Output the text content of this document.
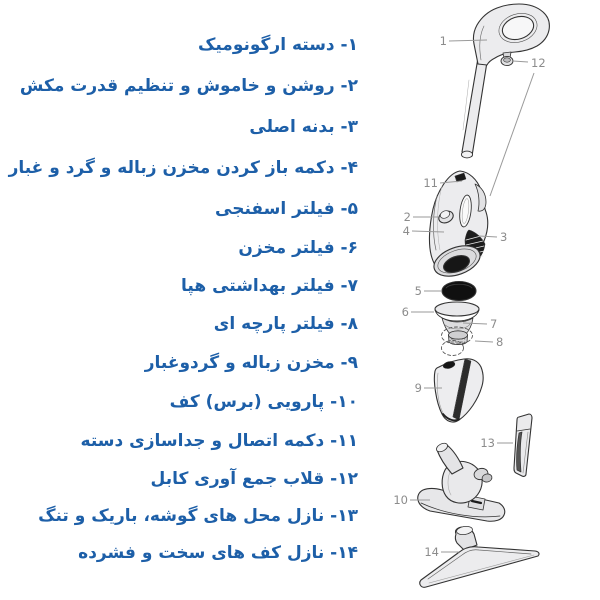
۱- دسته ارگونومیک
۲- روشن و خاموش و تنظیم قدرت مکش
۳- بدنه اصلی
۴- دکمه باز کردن مخزن زباله و گرد و غبار
۵- فیلتر اسفنجی
۶- فیلتر مخزن
۷- فیلتر بهداشتی هپا
۸- فیلتر پارچه ای
۹- مخزن زباله و گردوغبار
۱۰- پارویی (برس) کف
۱۱- دکمه اتصال و جداسازی دسته
۱۲- قلاب جمع آوری کابل
۱۳- نازل محل های گوشه، باریک و تنگ
۱۴- نازل کف های سخت و فشرده
1
12
11
2
4	3
5
6
7
8
9
13
10
14
